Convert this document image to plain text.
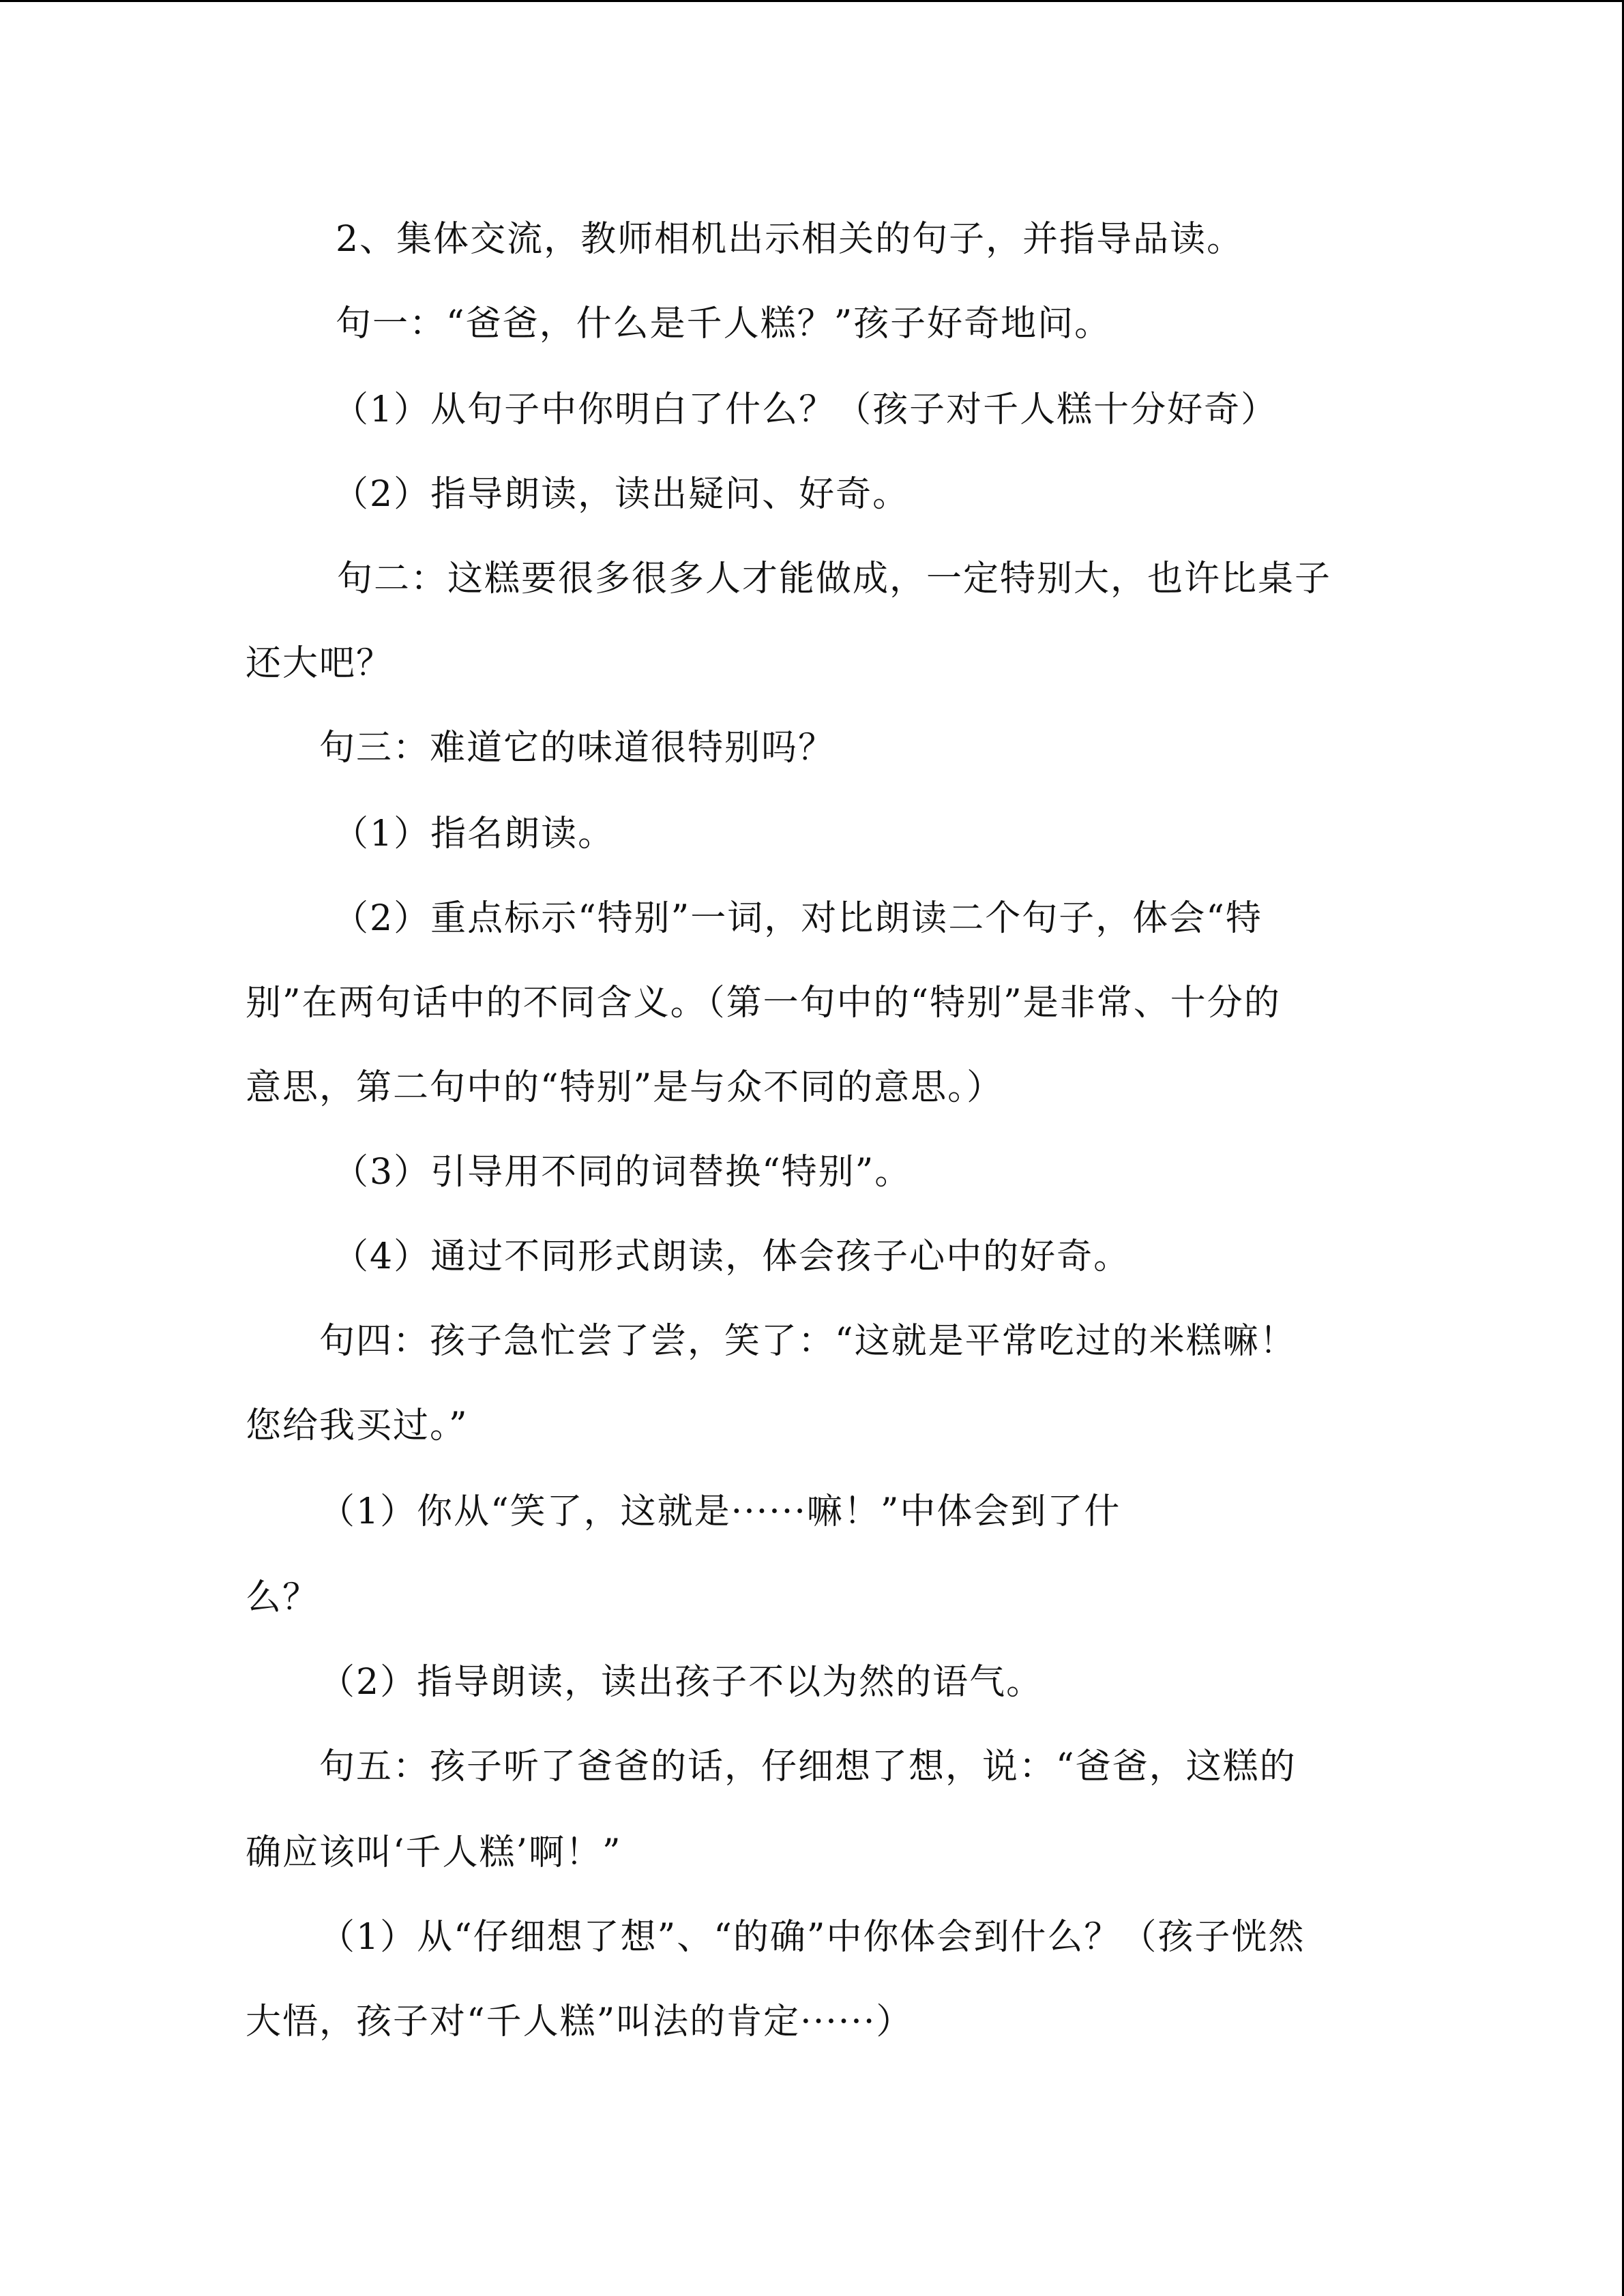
2、集体交流，教师相机出示相关的句子，并指导品读。
句一：“爸爸，什么是千人糕？”孩子好奇地问。
（1）从句子中你明白了什么？（孩子对千人糕十分好奇）
（2）指导朗读，读出疑问、好奇。
句二：这糕要很多很多人才能做成，一定特别大，也许比桌子
还大吧？
句三：难道它的味道很特别吗？
（1）指名朗读。
（2）重点标示“特别”一词，对比朗读二个句子，体会“特
别”在两句话中的不同含义。（第一句中的“特别”是非常、十分的
意思，第二句中的“特别”是与众不同的意思。）
（3）引导用不同的词替换“特别”。
（4）通过不同形式朗读，体会孩子心中的好奇。
句四：孩子急忙尝了尝，笑了：“这就是平常吃过的米糕嘛！
您给我买过。”
（1）你从“笑了，这就是······嘛！”中体会到了什
么？
（2）指导朗读，读出孩子不以为然的语气。
句五：孩子听了爸爸的话，仔细想了想，说：“爸爸，这糕的
确应该叫‘千人糕’啊！”
（1）从“仔细想了想”、“的确”中你体会到什么？（孩子恍然
大悟，孩子对“千人糕”叫法的肯定······）
